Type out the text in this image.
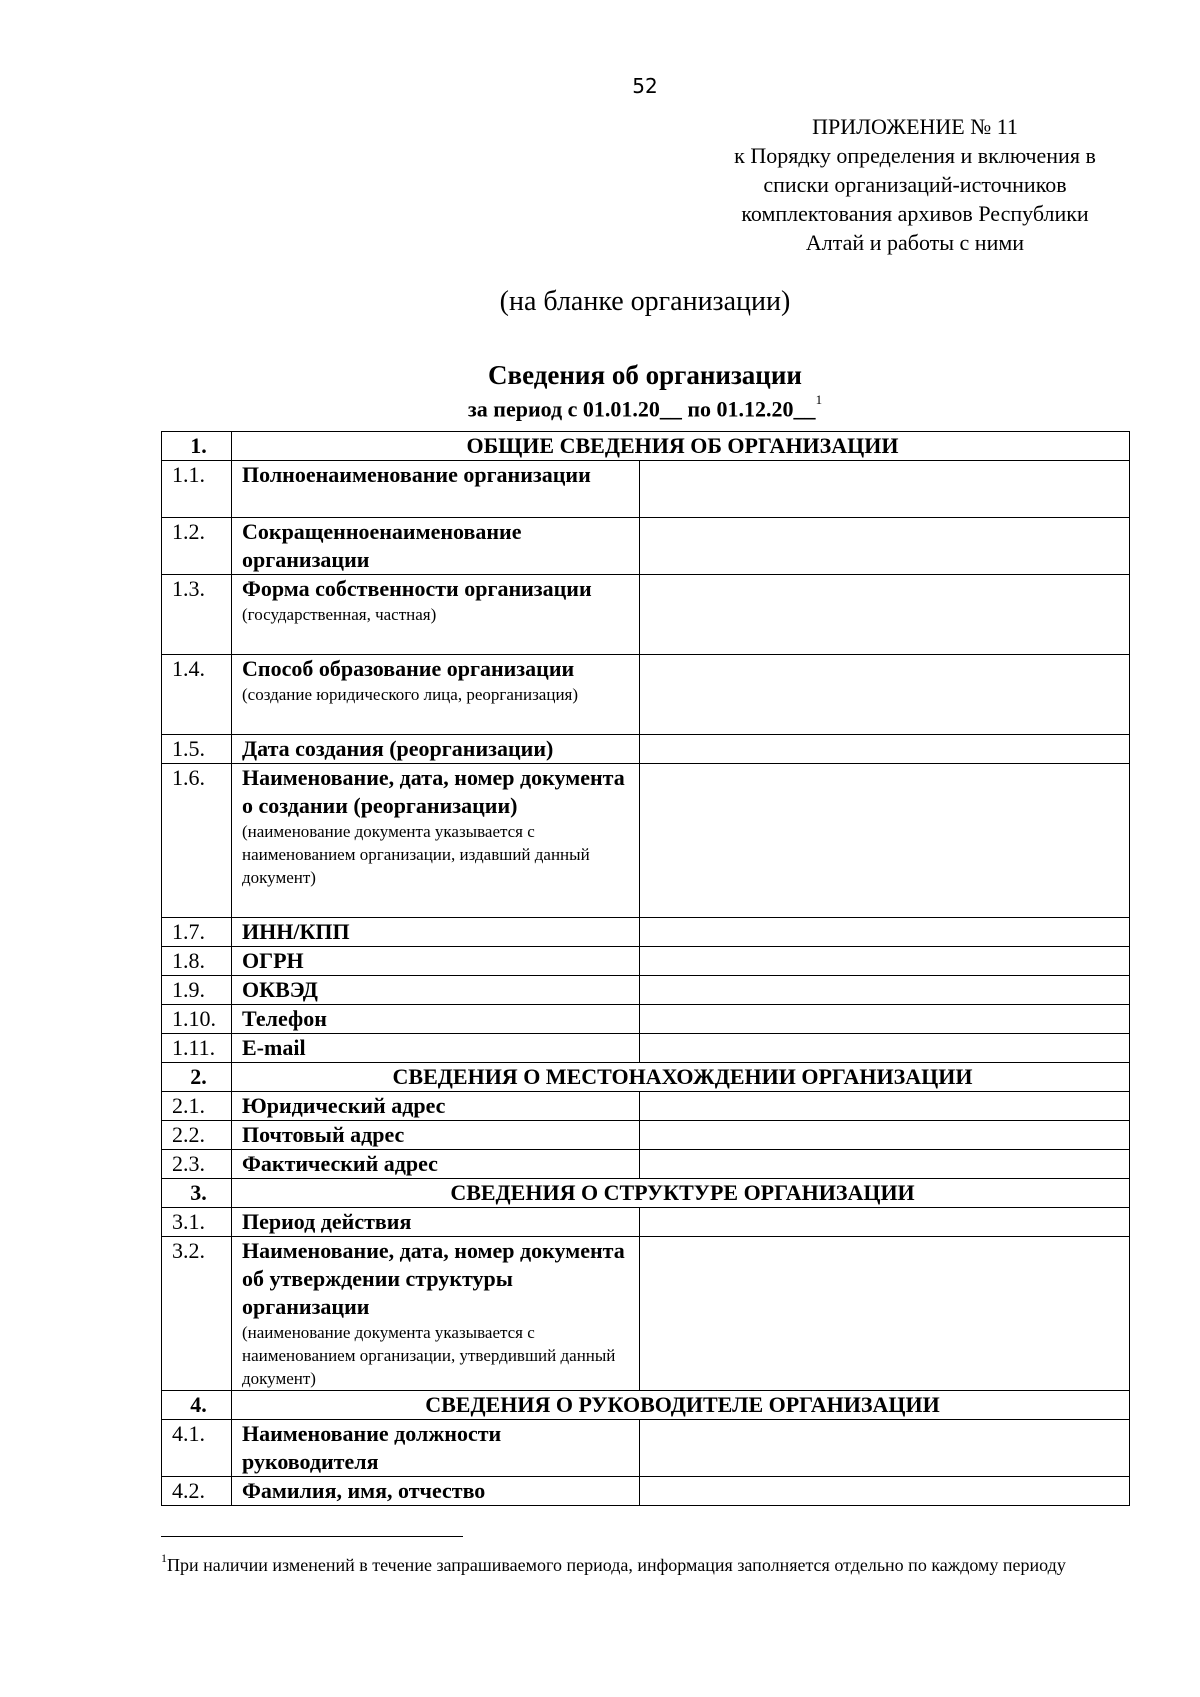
52
ПРИЛОЖЕНИЕ № 11
к Порядку определения и включения в
списки организаций-источников
комплектования архивов Республики
Алтай и работы с ними
(на бланке организации)
Сведения об организации
за период с 01.01.20__ по 01.12.20__$^1$
1.	ОБЩИЕ СВЕДЕНИЯ ОБ ОРГАНИЗАЦИИ	
1.1.	Полноенаименование организации	

1.2.	Сокращенноенаименование организации	

1.3.	Форма собственности организации
(государственная, частная)	

1.4.	Способ образование организации
(создание юридического лица, реорганизация)	

1.5.	Дата создания (реорганизации)	

1.6.	Наименование, дата, номер документа о создании (реорганизации)
(наименование документа указывается с наименованием организации, издавший данный документ)	

1.7.	ИНН/КПП	

1.8.	ОГРН	

1.9.	ОКВЭД	

1.10.	Телефон	

1.11.	E-mail	

2.	СВЕДЕНИЯ О МЕСТОНАХОЖДЕНИИ ОРГАНИЗАЦИИ	
2.1.	Юридический адрес	

2.2.	Почтовый адрес	

2.3.	Фактический адрес	

3.	СВЕДЕНИЯ О СТРУКТУРЕ ОРГАНИЗАЦИИ	
3.1.	Период действия	

3.2.	Наименование, дата, номер документа об утверждении структуры организации
(наименование документа указывается с наименованием организации, утвердивший данный документ)	

4.	СВЕДЕНИЯ О РУКОВОДИТЕЛЕ ОРГАНИЗАЦИИ	
4.1.	Наименование должности руководителя	

4.2.	Фамилия, имя, отчество	

$^1$При наличии изменений в течение запрашиваемого периода, информация заполняется отдельно по каждому периоду
